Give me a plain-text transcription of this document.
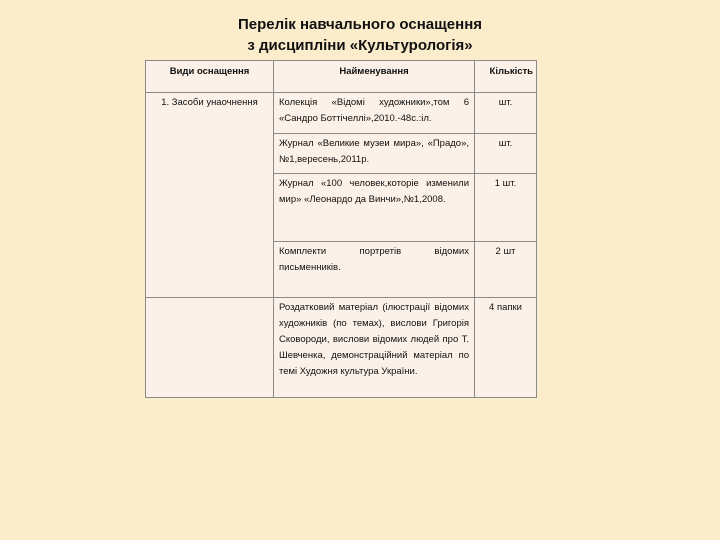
Перелік навчального оснащення
з дисципліни «Культурологія»
Види оснащення	Найменування	Кількість
1. Засоби унаочнення	Колекція «Відомі художники»,том 6 «Сандро Боттічеллі»,2010.-48с.:іл.	шт.
	Журнал «Великие музеи мира», «Прадо»,№1,вересень,2011р.	шт.
	Журнал «100 человек,которіе изменили мир» «Леонардо да Винчи»,№1,2008.	1 шт.
	Комплекти портретів відомих письменників.	2 шт
	Роздатковий матеріал (ілюстрації відомих художників (по темах), вислови Григорія Сковороди, вислови відомих людей про Т. Шевченка, демонстраційний матеріал по темі Художня культура України.	4 папки
